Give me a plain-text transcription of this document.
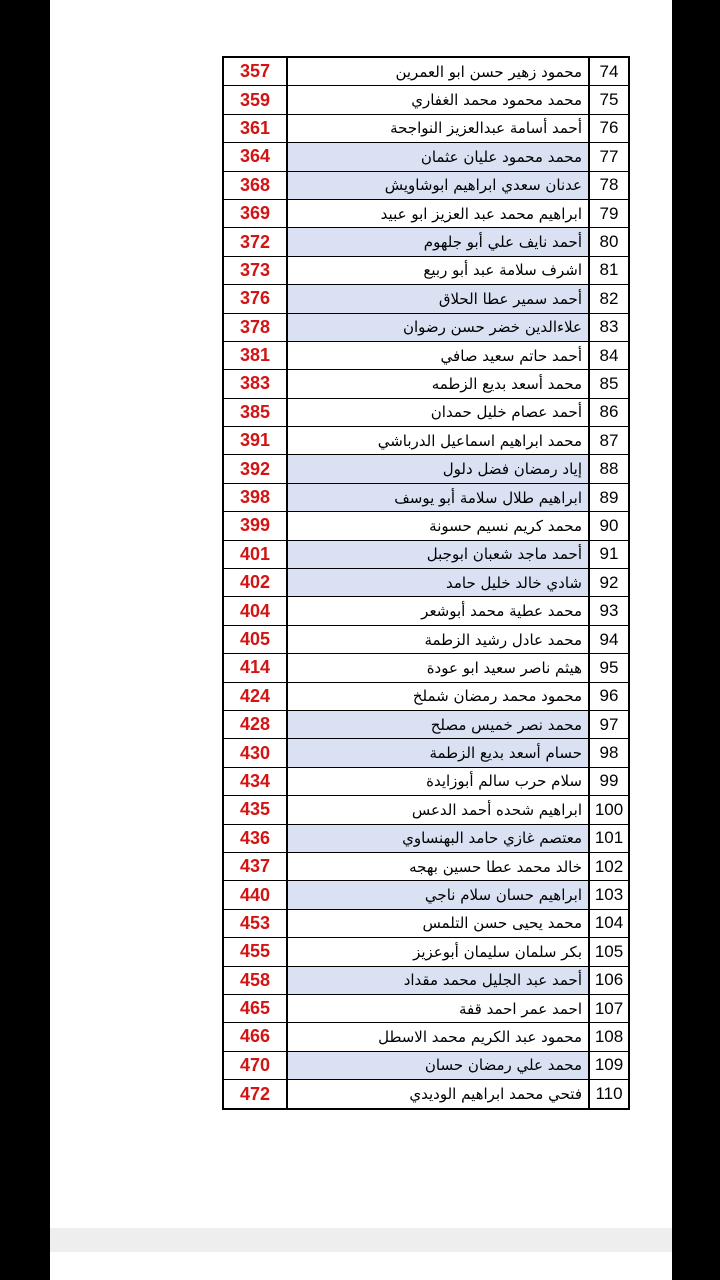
357	محمود زهير حسن ابو العمرين	74
359	محمد محمود محمد الغفاري	75
361	أحمد أسامة عبدالعزيز النواجحة	76
364	محمد محمود عليان عثمان	77
368	عدنان سعدي ابراهيم ابوشاويش	78
369	ابراهيم محمد عبد العزيز ابو عبيد	79
372	أحمد نايف علي أبو جلهوم	80
373	اشرف سلامة عبد أبو ربيع	81
376	أحمد سمير عطا الحلاق	82
378	علاءالدين خضر حسن رضوان	83
381	أحمد حاتم سعيد صافي	84
383	محمد أسعد بديع الزطمه	85
385	أحمد عصام خليل حمدان	86
391	محمد ابراهيم اسماعيل الدرباشي	87
392	إياد رمضان فضل دلول	88
398	ابراهيم طلال سلامة أبو يوسف	89
399	محمد كريم نسيم حسونة	90
401	أحمد ماجد شعبان ابوجبل	91
402	شادي خالد خليل حامد	92
404	محمد عطية محمد أبوشعر	93
405	محمد عادل رشيد الزطمة	94
414	هيثم ناصر سعيد ابو عودة	95
424	محمود محمد رمضان شملخ	96
428	محمد نصر خميس مصلح	97
430	حسام أسعد بديع الزطمة	98
434	سلام حرب سالم أبوزايدة	99
435	ابراهيم شحده أحمد الدعس 100
436	معتصم غازي حامد البهنساوي 101
437	خالد محمد عطا حسين بهجه 102
440	ابراهيم حسان سلام ناجي 103
453	محمد يحيى حسن التلمس 104
455	بكر سلمان سليمان أبوعزيز 105
458	أحمد عبد الجليل محمد مقداد 106
465	احمد عمر احمد قفة 107
466	محمود عبد الكريم محمد الاسطل 108
470	محمد علي رمضان حسان 109
472	فتحي محمد ابراهيم الوديدي 110
